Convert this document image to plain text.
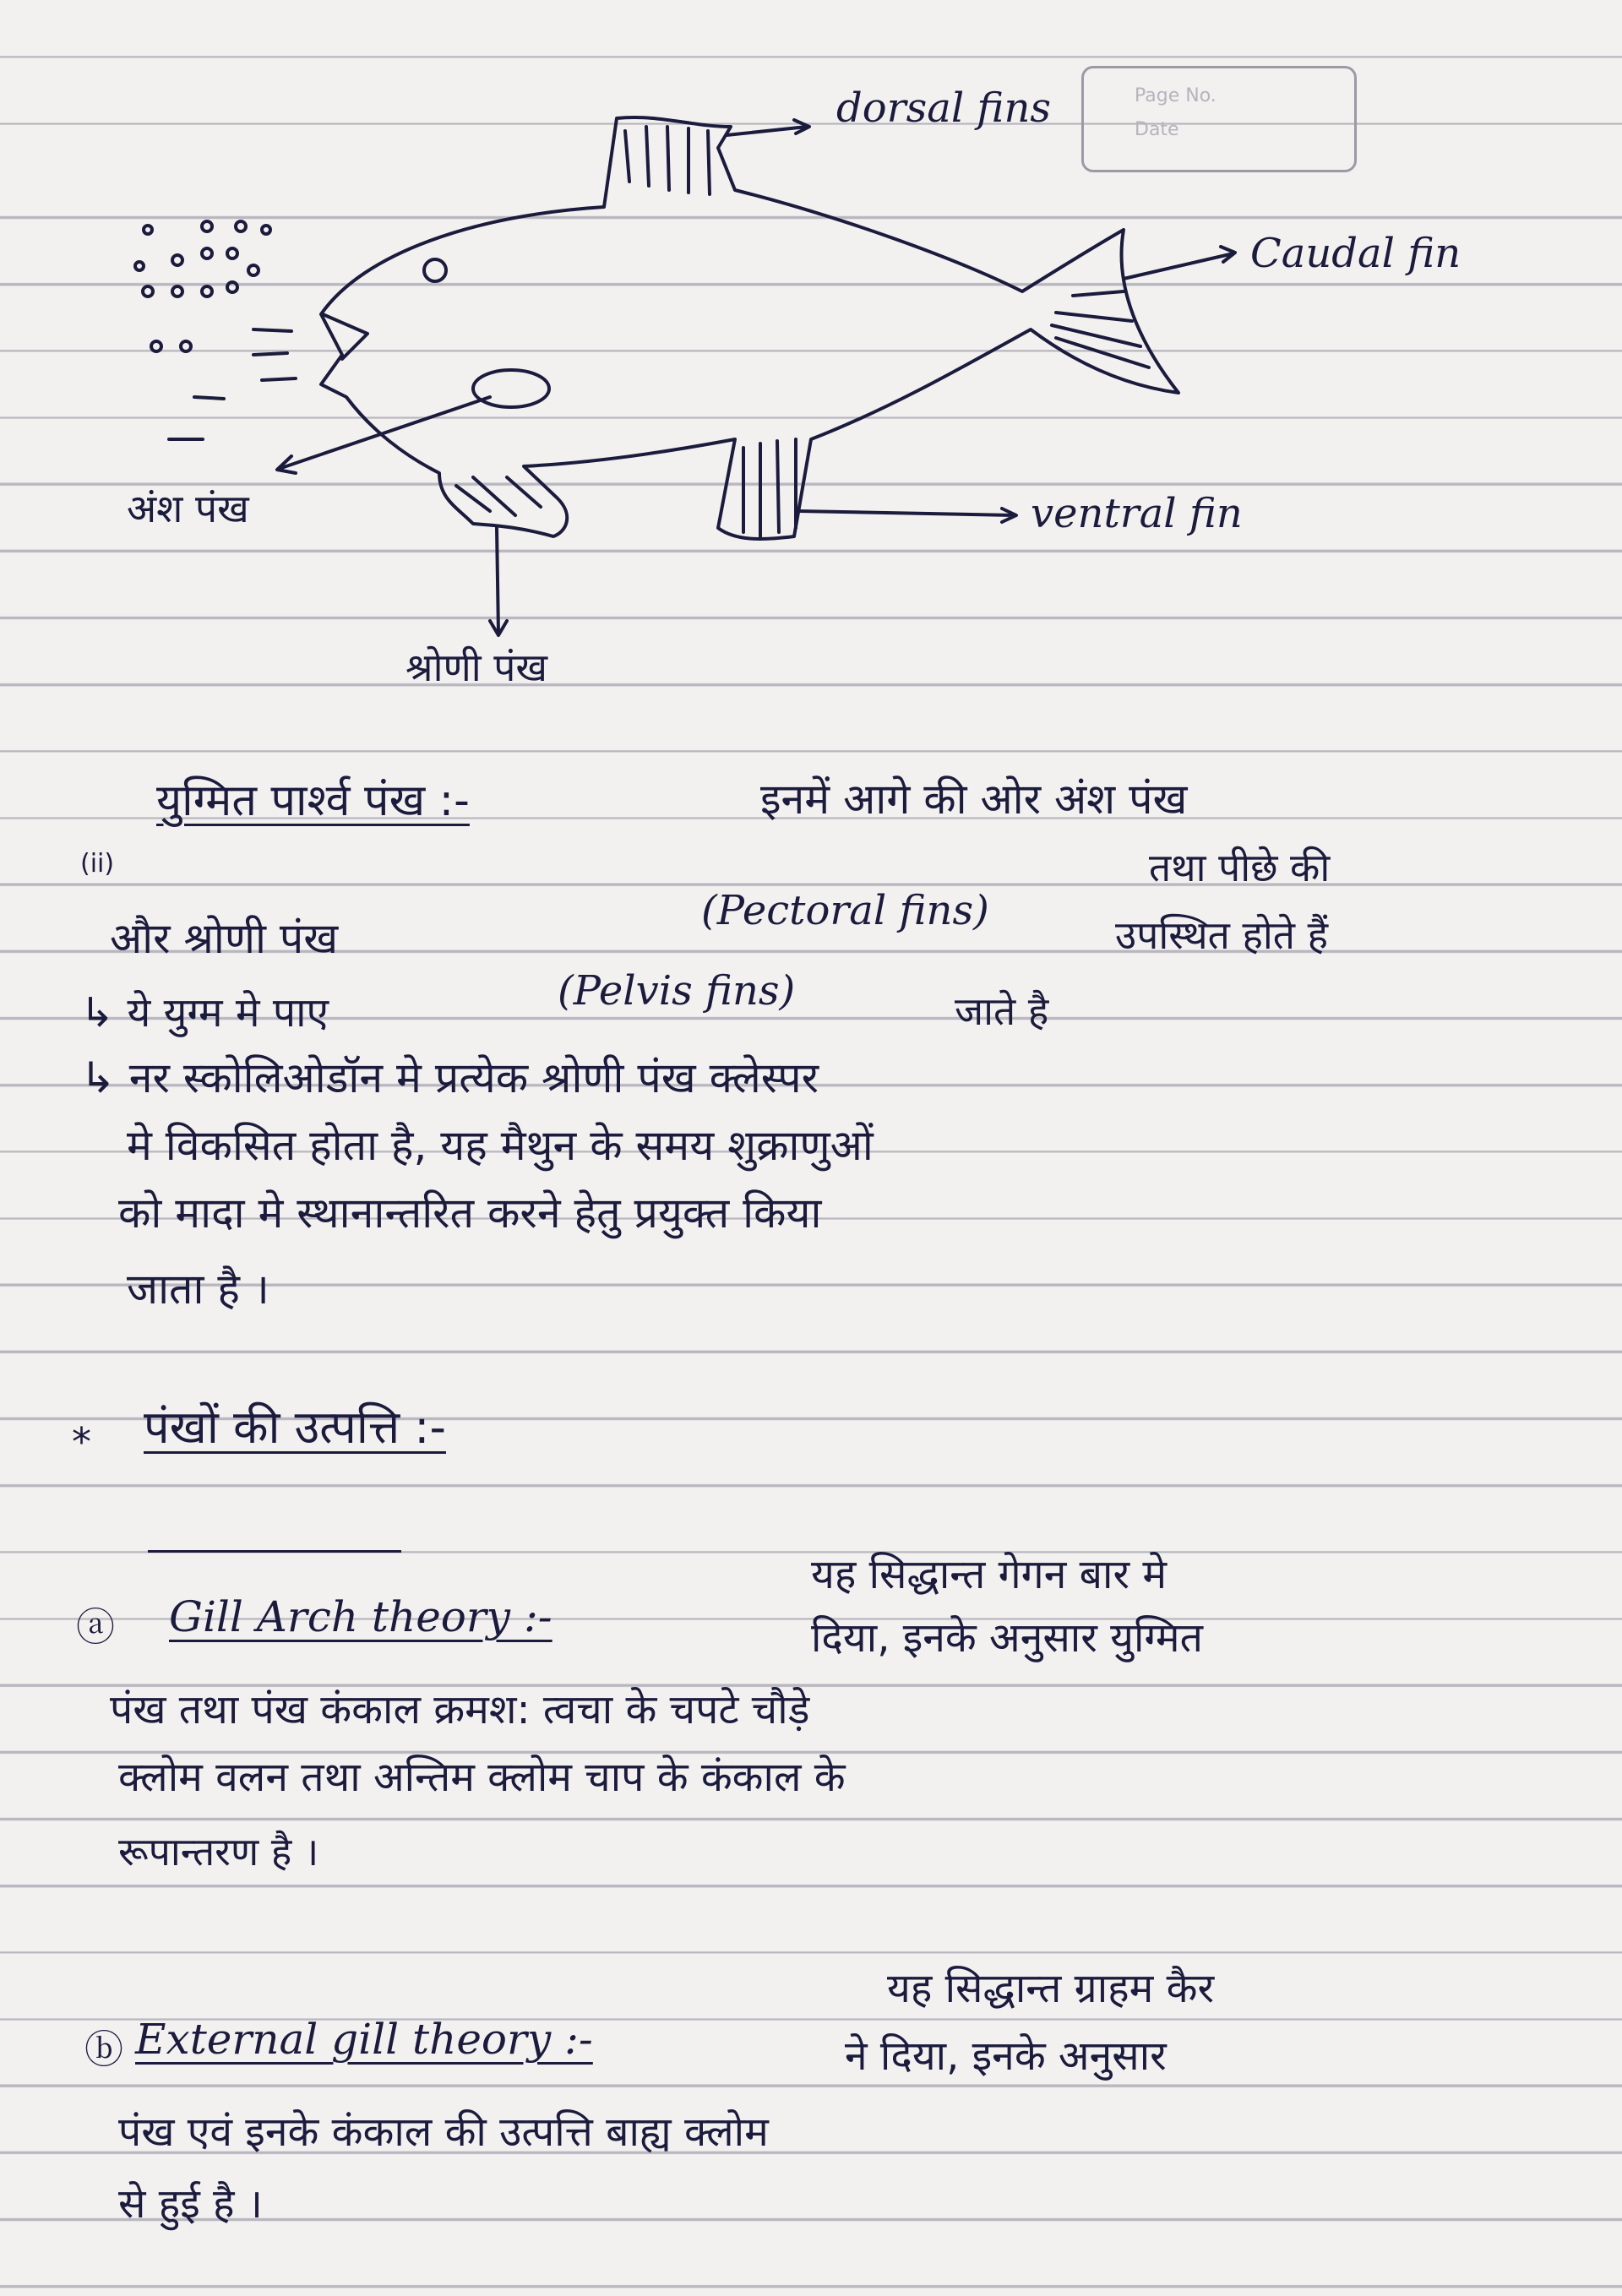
Page No.
Date
dorsal fins
Caudal fin
ventral fin
अंश पंख
श्रोणी पंख
(ii)
युग्मित पार्श्व पंख :-	इनमें आगे की ओर अंश पंख
तथा पीछे की
और श्रोणी पंख
(Pectoral fins)
उपस्थित होते हैं
↳ ये युग्म मे पाए	(Pelvis fins)	जाते है
↳ नर स्कोलिओडॉन मे प्रत्येक श्रोणी पंख क्लेस्पर
मे विकसित होता है, यह मैथुन के समय शुक्राणुओं
को मादा मे स्थानान्तरित करने हेतु प्रयुक्त किया
जाता है ।
* पंखों की उत्पत्ति :-
ⓐ Gill Arch theory :-
यह सिद्धान्त गेगन बार मे
दिया, इनके अनुसार युग्मित
पंख तथा पंख कंकाल क्रमश: त्वचा के चपटे चौड़े
क्लोम वलन तथा अन्तिम क्लोम चाप के कंकाल के
रूपान्तरण है ।
ⓑ External gill theory :-
यह सिद्धान्त ग्राहम कैर
ने दिया, इनके अनुसार
पंख एवं इनके कंकाल की उत्पत्ति बाह्य क्लोम
से हुई है ।
